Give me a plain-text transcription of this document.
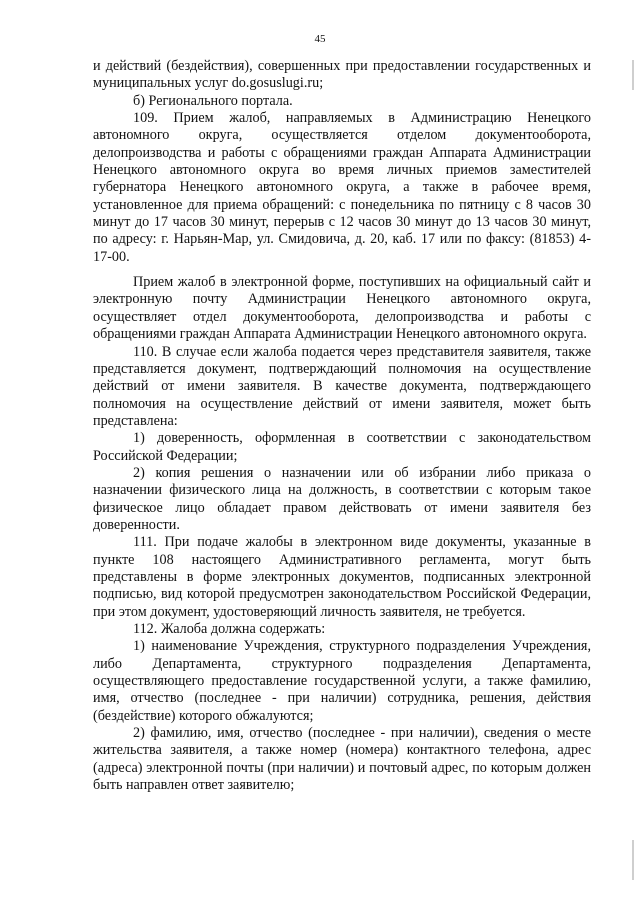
45

и действий (бездействия), совершенных при предоставлении государственных и муниципальных услуг do.gosuslugi.ru;

б) Регионального портала.

109. Прием жалоб, направляемых в Администрацию Ненецкого автономного округа, осуществляется отделом документооборота, делопроизводства и работы с обращениями граждан Аппарата Администрации Ненецкого автономного округа во время личных приемов заместителей губернатора Ненецкого автономного округа, а также в рабочее время, установленное для приема обращений: с понедельника по пятницу с 8 часов 30 минут до 17 часов 30 минут, перерыв с 12 часов 30 минут до 13 часов 30 минут, по адресу: г. Нарьян-Мар, ул. Смидовича, д. 20, каб. 17 или по факсу: (81853) 4-17-00.

Прием жалоб в электронной форме, поступивших на официальный сайт и электронную почту Администрации Ненецкого автономного округа, осуществляет отдел документооборота, делопроизводства и работы с обращениями граждан Аппарата Администрации Ненецкого автономного округа.

110. В случае если жалоба подается через представителя заявителя, также представляется документ, подтверждающий полномочия на осуществление действий от имени заявителя. В качестве документа, подтверждающего полномочия на осуществление действий от имени заявителя, может быть представлена:

1) доверенность, оформленная в соответствии с законодательством Российской Федерации;

2) копия решения о назначении или об избрании либо приказа о назначении физического лица на должность, в соответствии с которым такое физическое лицо обладает правом действовать от имени заявителя без доверенности.

111. При подаче жалобы в электронном виде документы, указанные в пункте 108 настоящего Административного регламента, могут быть представлены в форме электронных документов, подписанных электронной подписью, вид которой предусмотрен законодательством Российской Федерации, при этом документ, удостоверяющий личность заявителя, не требуется.

112. Жалоба должна содержать:

1) наименование Учреждения, структурного подразделения Учреждения, либо Департамента, структурного подразделения Департамента, осуществляющего предоставление государственной услуги, а также фамилию, имя, отчество (последнее - при наличии) сотрудника, решения, действия (бездействие) которого обжалуются;

2) фамилию, имя, отчество (последнее - при наличии), сведения о месте жительства заявителя, а также номер (номера) контактного телефона, адрес (адреса) электронной почты (при наличии) и почтовый адрес, по которым должен быть направлен ответ заявителю;
